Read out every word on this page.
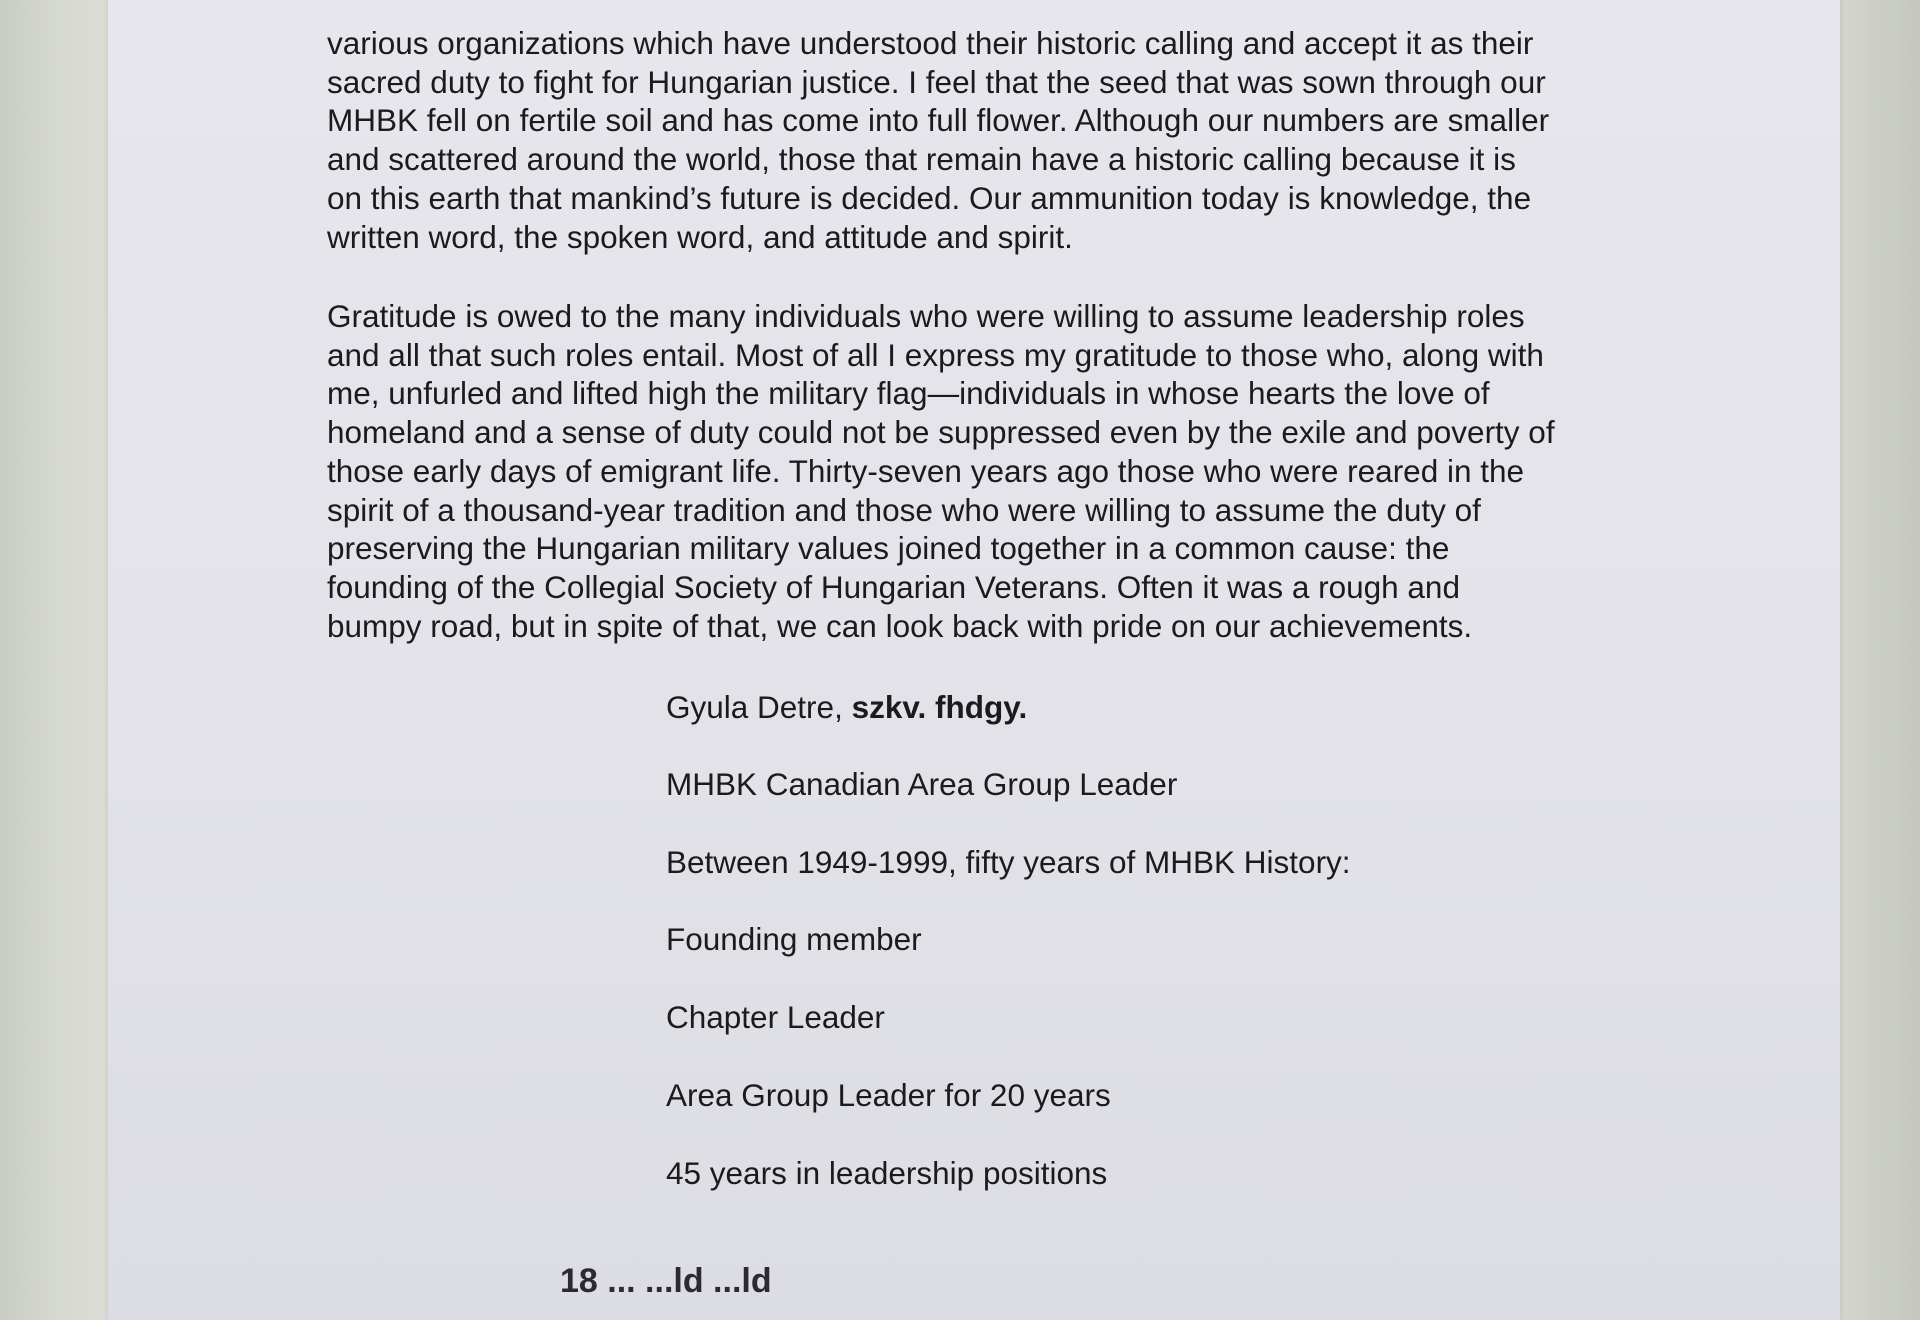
various organizations which have understood their historic calling and accept it as their
sacred duty to fight for Hungarian justice. I feel that the seed that was sown through our
MHBK fell on fertile soil and has come into full flower. Although our numbers are smaller
and scattered around the world, those that remain have a historic calling because it is
on this earth that mankind’s future is decided. Our ammunition today is knowledge, the
written word, the spoken word, and attitude and spirit.

Gratitude is owed to the many individuals who were willing to assume leadership roles
and all that such roles entail. Most of all I express my gratitude to those who, along with
me, unfurled and lifted high the military flag—individuals in whose hearts the love of
homeland and a sense of duty could not be suppressed even by the exile and poverty of
those early days of emigrant life. Thirty-seven years ago those who were reared in the
spirit of a thousand-year tradition and those who were willing to assume the duty of
preserving the Hungarian military values joined together in a common cause: the
founding of the Collegial Society of Hungarian Veterans. Often it was a rough and
bumpy road, but in spite of that, we can look back with pride on our achievements.

Gyula Detre, szkv. fhdgy.

MHBK Canadian Area Group Leader

Between 1949-1999, fifty years of MHBK History:

Founding member

Chapter Leader

Area Group Leader for 20 years

45 years in leadership positions

18 ... ...ld ...ld
